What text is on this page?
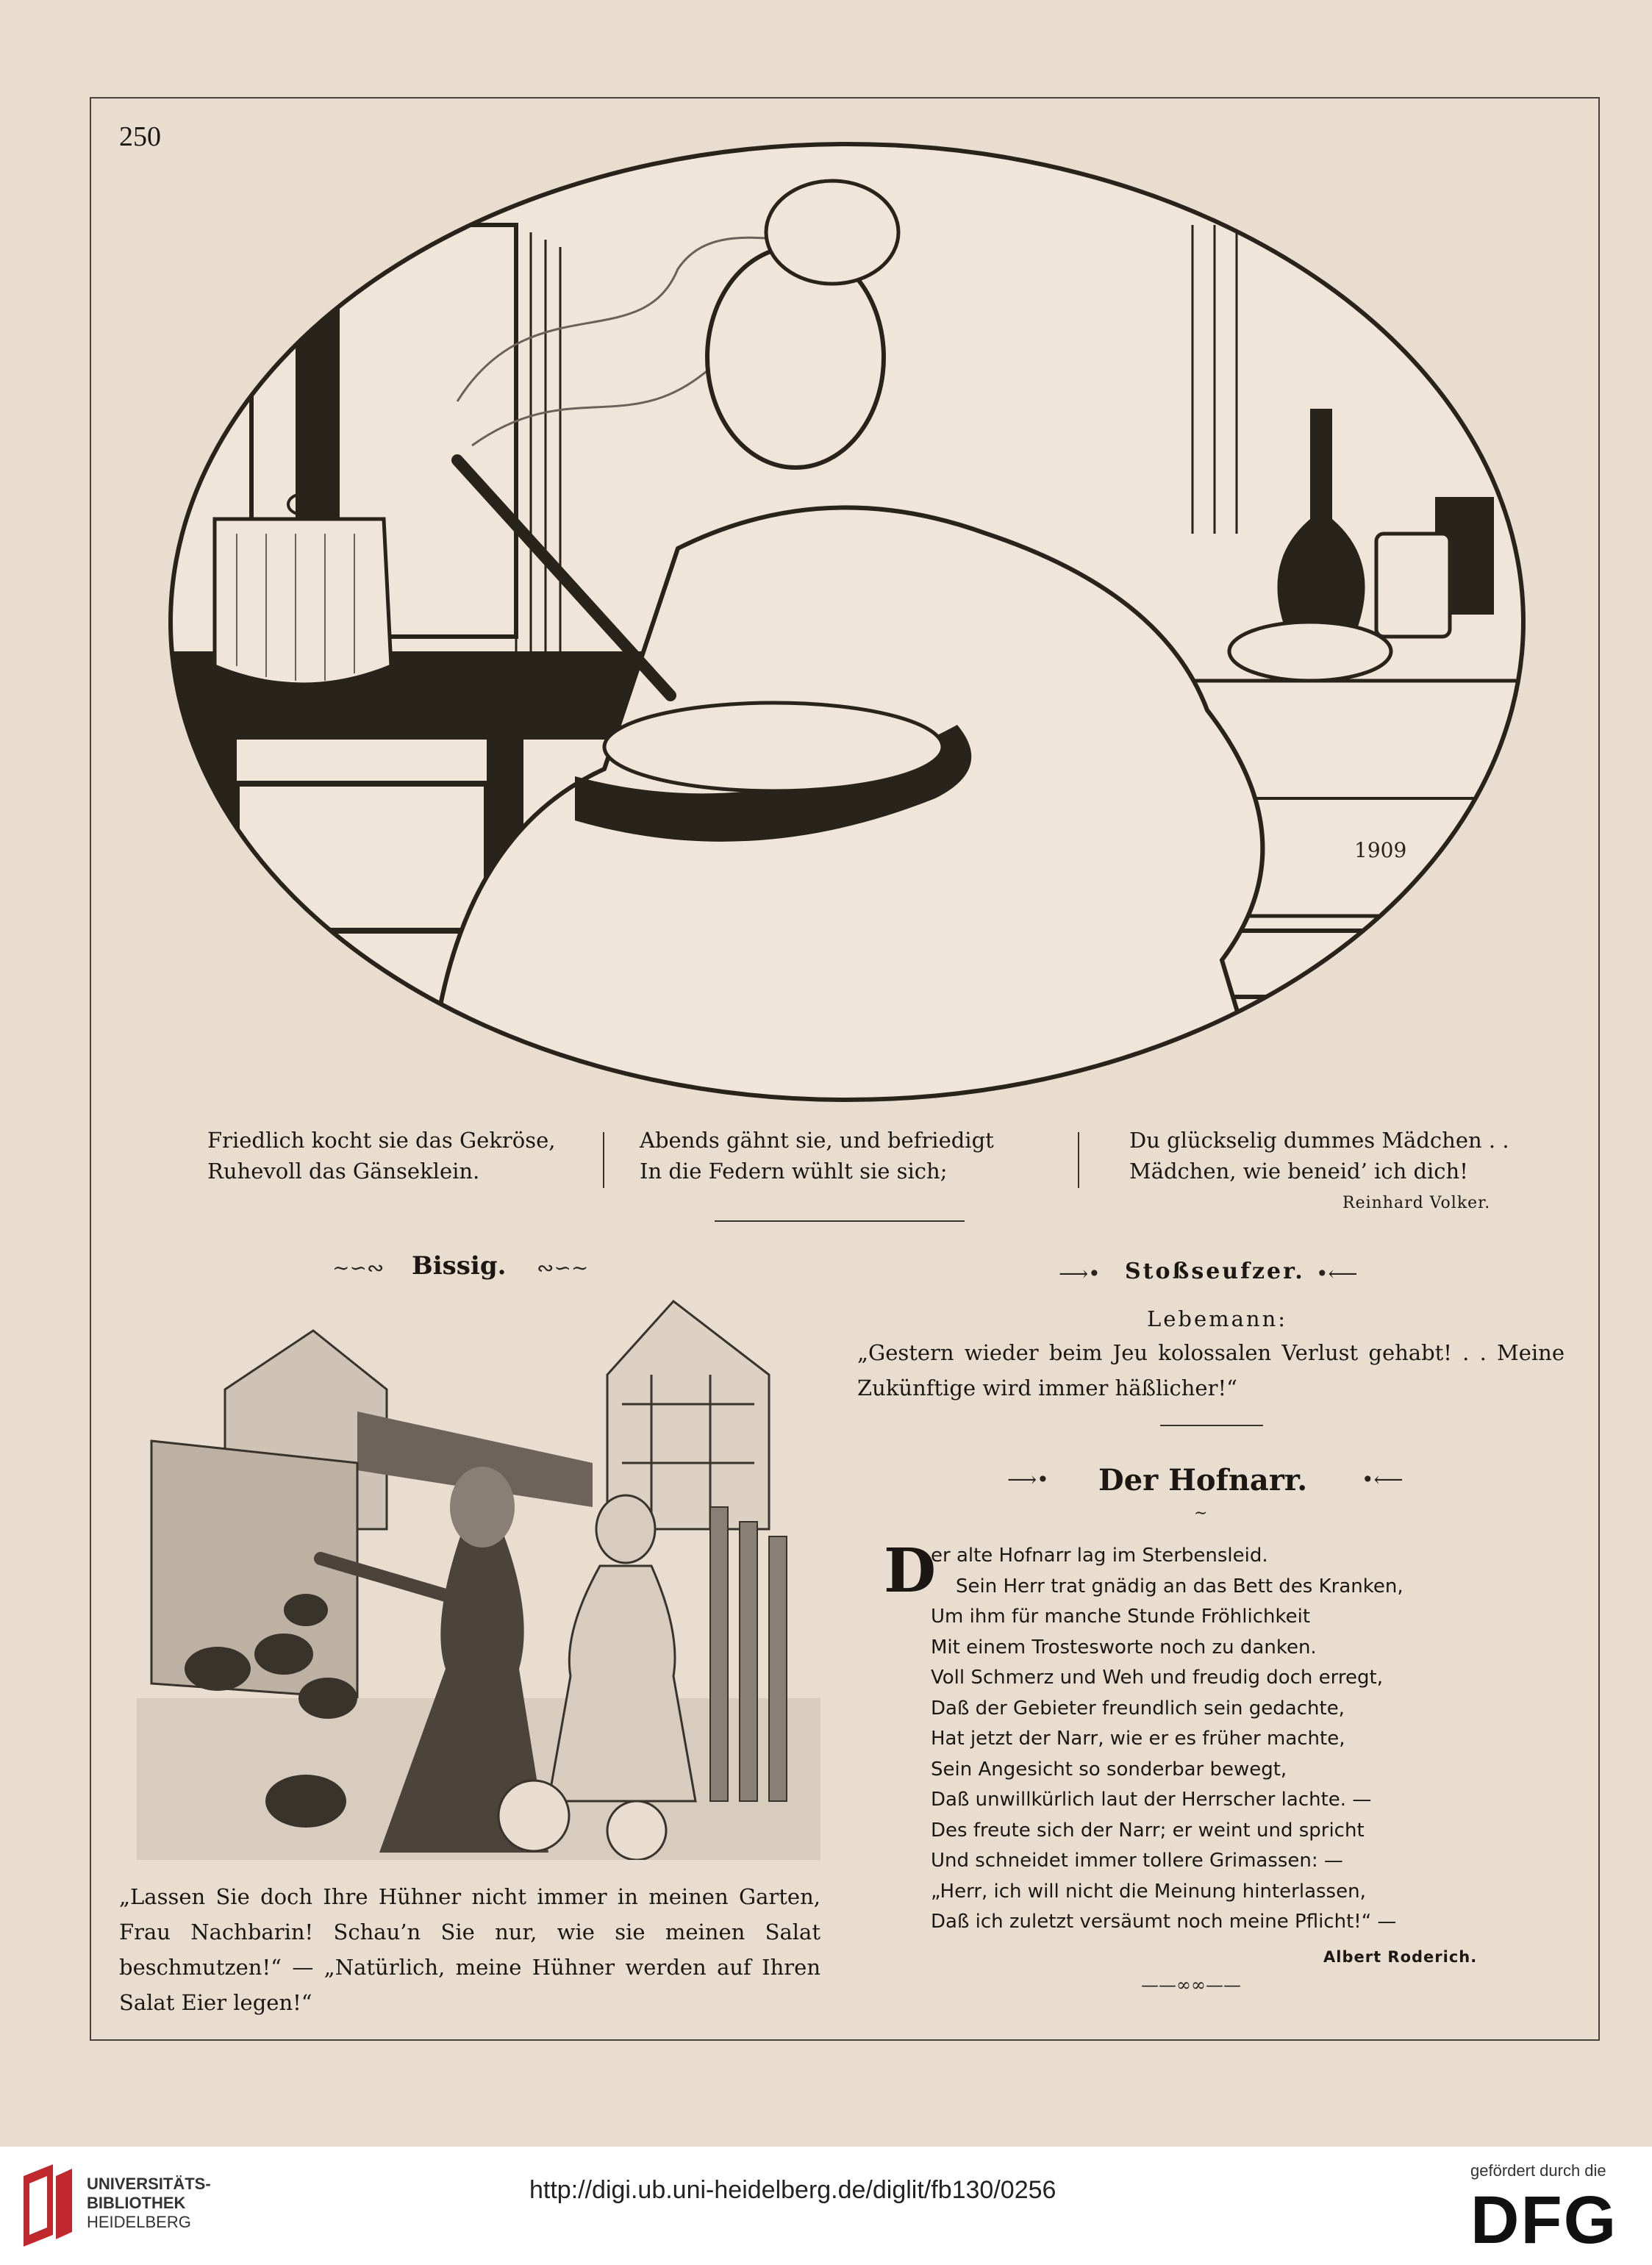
250
1909
Friedlich kocht sie das Gekröse,
Ruhevoll das Gänseklein.
Abends gähnt sie, und befriedigt
In die Federn wühlt sie sich;
Du glückselig dummes Mädchen . .
Mädchen, wie beneid’ ich dich!
Reinhard Volker.
∼∽∾ Bissig. ∾∽∼
„Lassen Sie doch Ihre Hühner nicht immer in meinen Garten, Frau Nachbarin! Schau’n Sie nur, wie sie meinen Salat beschmutzen!“ — „Natürlich, meine Hühner werden auf Ihren Salat Eier legen!“
⟶• Stoßseufzer. •⟵
Lebemann:
„Gestern wieder beim Jeu kolossalen Verlust gehabt! . . Meine Zukünftige wird immer häßlicher!“
⟶• Der Hofnarr.	•⟵
∼
D
er alte Hofnarr lag im Sterbensleid.
Sein Herr trat gnädig an das Bett des Kranken,
Um ihm für manche Stunde Fröhlichkeit
Mit einem Trostesworte noch zu danken.
Voll Schmerz und Weh und freudig doch erregt,
Daß der Gebieter freundlich sein gedachte,
Hat jetzt der Narr, wie er es früher machte,
Sein Angesicht so sonderbar bewegt,
Daß unwillkürlich laut der Herrscher lachte. —
Des freute sich der Narr; er weint und spricht
Und schneidet immer tollere Grimassen: —
„Herr, ich will nicht die Meinung hinterlassen,
Daß ich zuletzt versäumt noch meine Pflicht!“ —
Albert Roderich.
——∞∞——
UNIVERSITÄTS-
BIBLIOTHEK
HEIDELBERG
http://digi.ub.uni-heidelberg.de/diglit/fb130/0256
gefördert durch die
DFG
